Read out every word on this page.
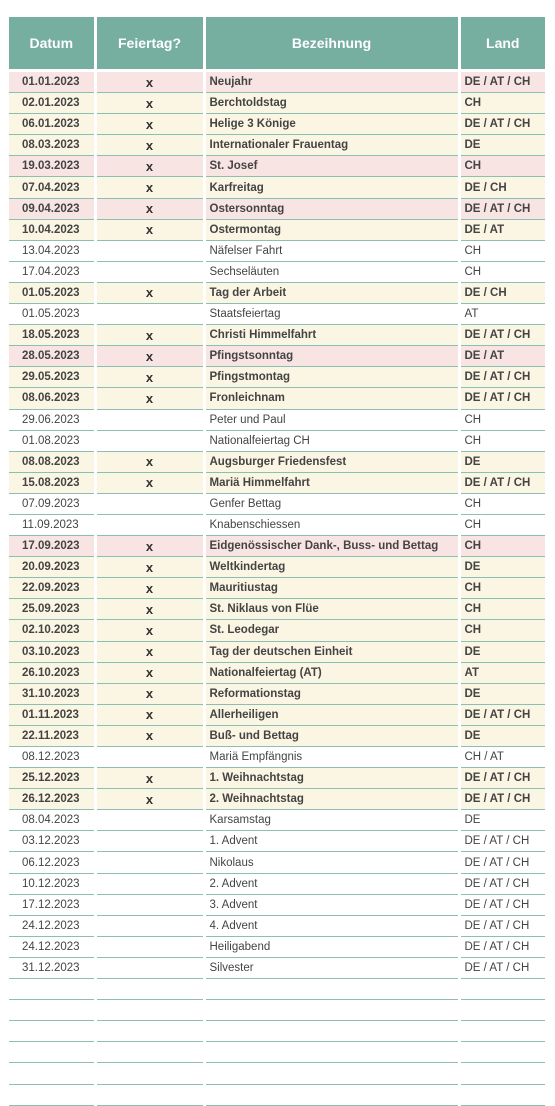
Datum	Feiertag?	Bezeihnung	Land
01.01.2023	x	Neujahr	DE / AT / CH
02.01.2023	x	Berchtoldstag	CH
06.01.2023	x	Helige 3 Könige	DE / AT / CH
08.03.2023	x	Internationaler Frauentag	DE
19.03.2023	x	St. Josef	CH
07.04.2023	x	Karfreitag	DE / CH
09.04.2023	x	Ostersonntag	DE / AT / CH
10.04.2023	x	Ostermontag	DE / AT
13.04.2023		Näfelser Fahrt	CH
17.04.2023		Sechseläuten	CH
01.05.2023	x	Tag der Arbeit	DE / CH
01.05.2023		Staatsfeiertag	AT
18.05.2023	x	Christi Himmelfahrt	DE / AT / CH
28.05.2023	x	Pfingstsonntag	DE / AT
29.05.2023	x	Pfingstmontag	DE / AT / CH
08.06.2023	x	Fronleichnam	DE / AT / CH
29.06.2023		Peter und Paul	CH
01.08.2023		Nationalfeiertag CH	CH
08.08.2023	x	Augsburger Friedensfest	DE
15.08.2023	x	Mariä Himmelfahrt	DE / AT / CH
07.09.2023		Genfer Bettag	CH
11.09.2023		Knabenschiessen	CH
17.09.2023	x	Eidgenössischer Dank-, Buss- und Bettag	CH
20.09.2023	x	Weltkindertag	DE
22.09.2023	x	Mauritiustag	CH
25.09.2023	x	St. Niklaus von Flüe	CH
02.10.2023	x	St. Leodegar	CH
03.10.2023	x	Tag der deutschen Einheit	DE
26.10.2023	x	Nationalfeiertag (AT)	AT
31.10.2023	x	Reformationstag	DE
01.11.2023	x	Allerheiligen	DE / AT / CH
22.11.2023	x	Buß- und Bettag	DE
08.12.2023		Mariä Empfängnis	CH / AT
25.12.2023	x	1. Weihnachtstag	DE / AT / CH
26.12.2023	x	2. Weihnachtstag	DE / AT / CH
08.04.2023		Karsamstag	DE
03.12.2023		1. Advent	DE / AT / CH
06.12.2023		Nikolaus	DE / AT / CH
10.12.2023		2. Advent	DE / AT / CH
17.12.2023		3. Advent	DE / AT / CH
24.12.2023		4. Advent	DE / AT / CH
24.12.2023		Heiligabend	DE / AT / CH
31.12.2023		Silvester	DE / AT / CH
